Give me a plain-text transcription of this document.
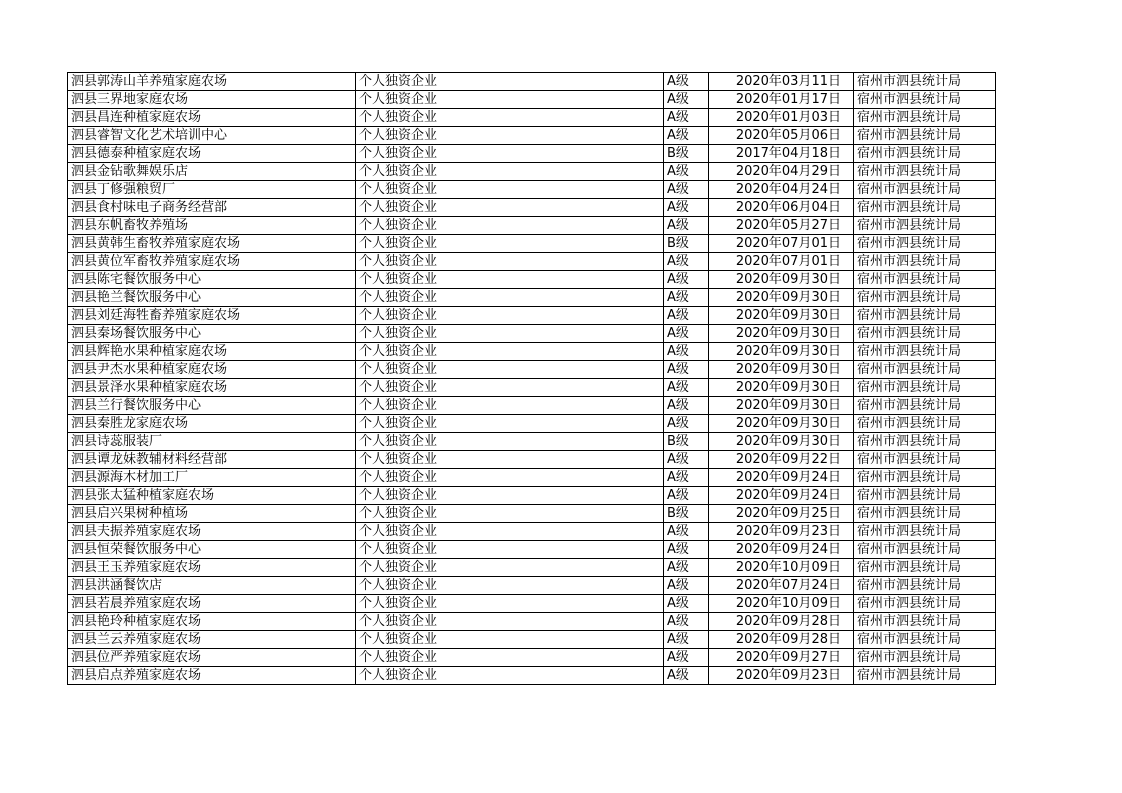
泗县郭涛山羊养殖家庭农场	个人独资企业	A级	2020年03月11日	宿州市泗县统计局
泗县三界地家庭农场	个人独资企业	A级	2020年01月17日	宿州市泗县统计局
泗县昌连种植家庭农场	个人独资企业	A级	2020年01月03日	宿州市泗县统计局
泗县睿智文化艺术培训中心	个人独资企业	A级	2020年05月06日	宿州市泗县统计局
泗县德泰种植家庭农场	个人独资企业	B级	2017年04月18日	宿州市泗县统计局
泗县金钻歌舞娱乐店	个人独资企业	A级	2020年04月29日	宿州市泗县统计局
泗县丁修强粮贸厂	个人独资企业	A级	2020年04月24日	宿州市泗县统计局
泗县食村味电子商务经营部	个人独资企业	A级	2020年06月04日	宿州市泗县统计局
泗县东帆畜牧养殖场	个人独资企业	A级	2020年05月27日	宿州市泗县统计局
泗县黄韩生畜牧养殖家庭农场	个人独资企业	B级	2020年07月01日	宿州市泗县统计局
泗县黄位军畜牧养殖家庭农场	个人独资企业	A级	2020年07月01日	宿州市泗县统计局
泗县陈宅餐饮服务中心	个人独资企业	A级	2020年09月30日	宿州市泗县统计局
泗县艳兰餐饮服务中心	个人独资企业	A级	2020年09月30日	宿州市泗县统计局
泗县刘廷海牲畜养殖家庭农场	个人独资企业	A级	2020年09月30日	宿州市泗县统计局
泗县秦场餐饮服务中心	个人独资企业	A级	2020年09月30日	宿州市泗县统计局
泗县辉艳水果种植家庭农场	个人独资企业	A级	2020年09月30日	宿州市泗县统计局
泗县尹杰水果种植家庭农场	个人独资企业	A级	2020年09月30日	宿州市泗县统计局
泗县景泽水果种植家庭农场	个人独资企业	A级	2020年09月30日	宿州市泗县统计局
泗县兰行餐饮服务中心	个人独资企业	A级	2020年09月30日	宿州市泗县统计局
泗县秦胜龙家庭农场	个人独资企业	A级	2020年09月30日	宿州市泗县统计局
泗县诗蕊服装厂	个人独资企业	B级	2020年09月30日	宿州市泗县统计局
泗县谭龙妹教辅材料经营部	个人独资企业	A级	2020年09月22日	宿州市泗县统计局
泗县源海木材加工厂	个人独资企业	A级	2020年09月24日	宿州市泗县统计局
泗县张太猛种植家庭农场	个人独资企业	A级	2020年09月24日	宿州市泗县统计局
泗县启兴果树种植场	个人独资企业	B级	2020年09月25日	宿州市泗县统计局
泗县夫振养殖家庭农场	个人独资企业	A级	2020年09月23日	宿州市泗县统计局
泗县恒荣餐饮服务中心	个人独资企业	A级	2020年09月24日	宿州市泗县统计局
泗县王玉养殖家庭农场	个人独资企业	A级	2020年10月09日	宿州市泗县统计局
泗县洪涵餐饮店	个人独资企业	A级	2020年07月24日	宿州市泗县统计局
泗县若晨养殖家庭农场	个人独资企业	A级	2020年10月09日	宿州市泗县统计局
泗县艳玲种植家庭农场	个人独资企业	A级	2020年09月28日	宿州市泗县统计局
泗县兰云养殖家庭农场	个人独资企业	A级	2020年09月28日	宿州市泗县统计局
泗县位严养殖家庭农场	个人独资企业	A级	2020年09月27日	宿州市泗县统计局
泗县启点养殖家庭农场	个人独资企业	A级	2020年09月23日	宿州市泗县统计局
